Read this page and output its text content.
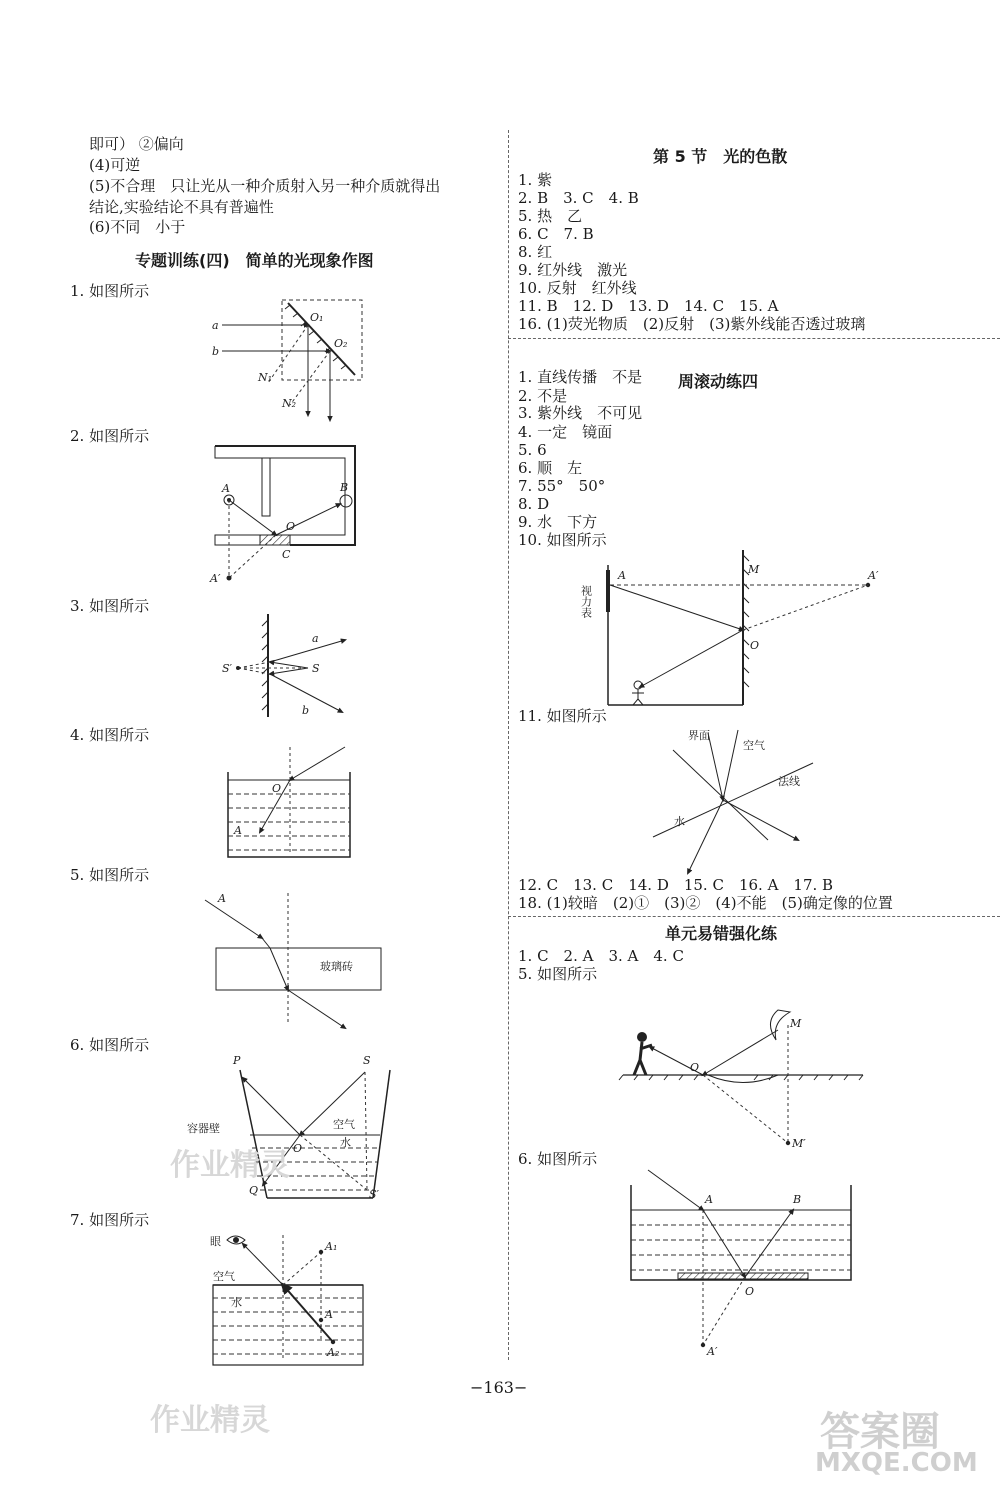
即可） ②偏向
(4)可逆
(5)不合理　只让光从一种介质射入另一种介质就得出
结论,实验结论不具有普遍性
(6)不同　小于
专题训练(四)　简单的光现象作图
1. 如图所示
a
b
O₁
O₂
N₁
N₂
2. 如图所示
A	B
O
C
A′
3. 如图所示
S
S′
a
b
4. 如图所示
O
A
5. 如图所示
A
玻璃砖
6. 如图所示
P	S
O
Q	S′
空气
水
容器壁
7. 如图所示
眼
空气
水
A₁
A
A₂
第 5 节　光的色散
1. 紫
2. B　3. C　4. B
5. 热　乙
6. C　7. B
8. 红
9. 红外线　激光
10. 反射　红外线
11. B　12. D　13. D　14. C　15. A
16. (1)荧光物质　(2)反射　(3)紫外线能否透过玻璃
周滚动练四
1. 直线传播　不是
2. 不是
3. 紫外线　不可见
4. 一定　镜面
5. 6
6. 顺　左
7. 55°　50°
8. D
9. 水　下方
10. 如图所示
A	M	A′
O
视力表
11. 如图所示
界面
空气
法线
水
12. C　13. C　14. D　15. C　16. A　17. B
18. (1)较暗　(2)①　(3)②　(4)不能　(5)确定像的位置
单元易错强化练
1. C　2. A　3. A　4. C
5. 如图所示
M
O
M′
6. 如图所示
A	B
O
A′
−163−
作业精灵
作业精灵	答案圈
MXQE.COM
